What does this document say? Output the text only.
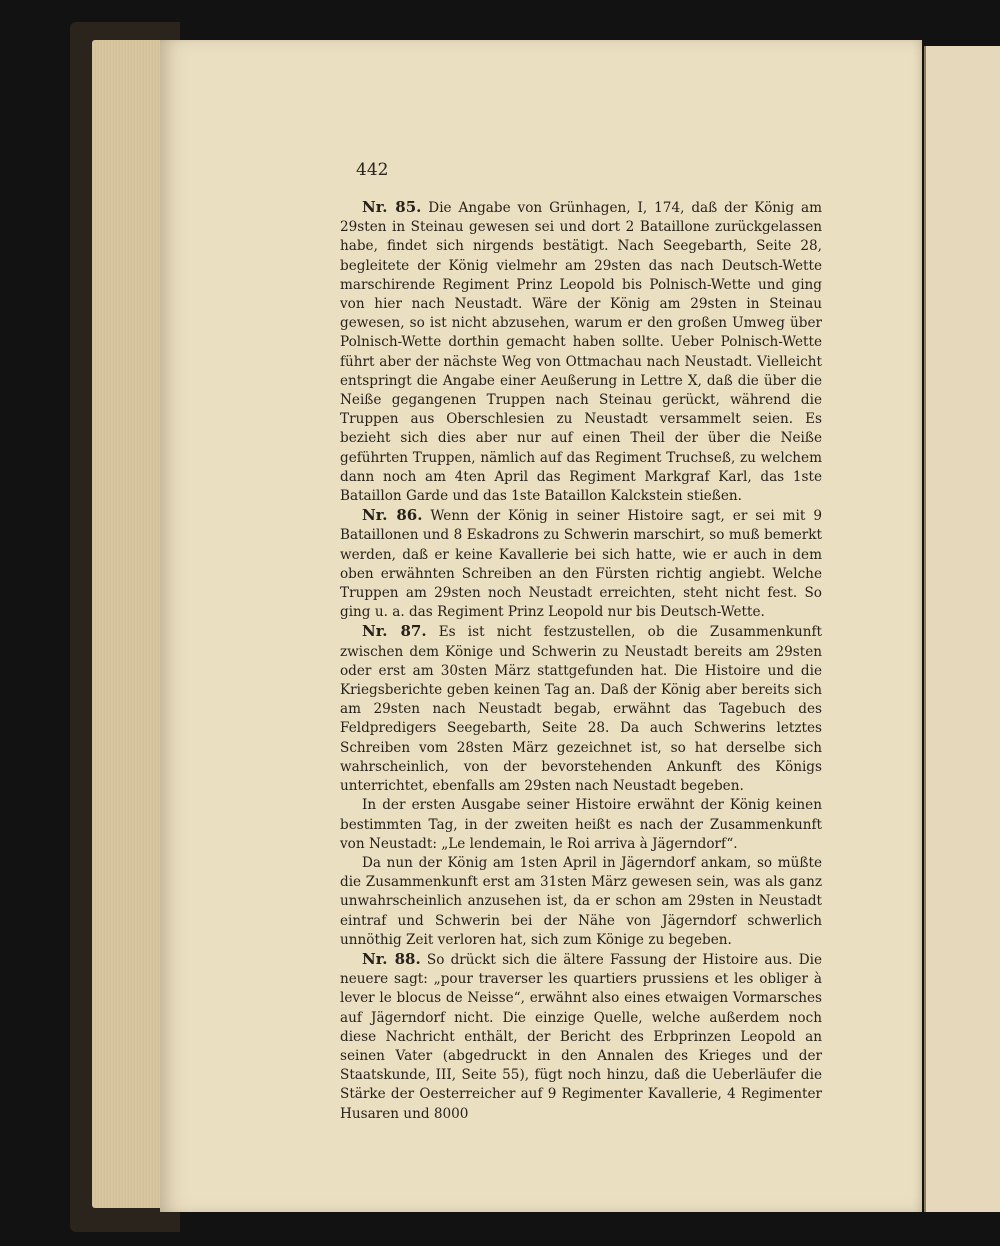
442

Nr. 85. Die Angabe von Grünhagen, I, 174, daß der König am 29sten in Steinau gewesen sei und dort 2 Bataillone zurückgelassen habe, findet sich nirgends bestätigt. Nach Seegebarth, Seite 28, begleitete der König vielmehr am 29sten das nach Deutsch-Wette marschirende Regiment Prinz Leopold bis Polnisch-Wette und ging von hier nach Neustadt. Wäre der König am 29sten in Steinau gewesen, so ist nicht abzusehen, warum er den großen Umweg über Polnisch-Wette dorthin gemacht haben sollte. Ueber Polnisch-Wette führt aber der nächste Weg von Ottmachau nach Neustadt. Vielleicht entspringt die Angabe einer Aeußerung in Lettre X, daß die über die Neiße gegangenen Truppen nach Steinau gerückt, während die Truppen aus Oberschlesien zu Neustadt versammelt seien. Es bezieht sich dies aber nur auf einen Theil der über die Neiße geführten Truppen, nämlich auf das Regiment Truchseß, zu welchem dann noch am 4ten April das Regiment Markgraf Karl, das 1ste Bataillon Garde und das 1ste Bataillon Kalckstein stießen.

Nr. 86. Wenn der König in seiner Histoire sagt, er sei mit 9 Bataillonen und 8 Eskadrons zu Schwerin marschirt, so muß bemerkt werden, daß er keine Kavallerie bei sich hatte, wie er auch in dem oben erwähnten Schreiben an den Fürsten richtig angiebt. Welche Truppen am 29sten noch Neustadt erreichten, steht nicht fest. So ging u. a. das Regiment Prinz Leopold nur bis Deutsch-Wette.

Nr. 87. Es ist nicht festzustellen, ob die Zusammenkunft zwischen dem Könige und Schwerin zu Neustadt bereits am 29sten oder erst am 30sten März stattgefunden hat. Die Histoire und die Kriegsberichte geben keinen Tag an. Daß der König aber bereits sich am 29sten nach Neustadt begab, erwähnt das Tagebuch des Feldpredigers Seegebarth, Seite 28. Da auch Schwerins letztes Schreiben vom 28sten März gezeichnet ist, so hat derselbe sich wahrscheinlich, von der bevorstehenden Ankunft des Königs unterrichtet, ebenfalls am 29sten nach Neustadt begeben.

In der ersten Ausgabe seiner Histoire erwähnt der König keinen bestimmten Tag, in der zweiten heißt es nach der Zusammenkunft von Neustadt: „Le lendemain, le Roi arriva à Jägerndorf“.

Da nun der König am 1sten April in Jägerndorf ankam, so müßte die Zusammenkunft erst am 31sten März gewesen sein, was als ganz unwahrscheinlich anzusehen ist, da er schon am 29sten in Neustadt eintraf und Schwerin bei der Nähe von Jägerndorf schwerlich unnöthig Zeit verloren hat, sich zum Könige zu begeben.

Nr. 88. So drückt sich die ältere Fassung der Histoire aus. Die neuere sagt: „pour traverser les quartiers prussiens et les obliger à lever le blocus de Neisse“, erwähnt also eines etwaigen Vormarsches auf Jägerndorf nicht. Die einzige Quelle, welche außerdem noch diese Nachricht enthält, der Bericht des Erbprinzen Leopold an seinen Vater (abgedruckt in den Annalen des Krieges und der Staatskunde, III, Seite 55), fügt noch hinzu, daß die Ueberläufer die Stärke der Oesterreicher auf 9 Regimenter Kavallerie, 4 Regimenter Husaren und 8000
